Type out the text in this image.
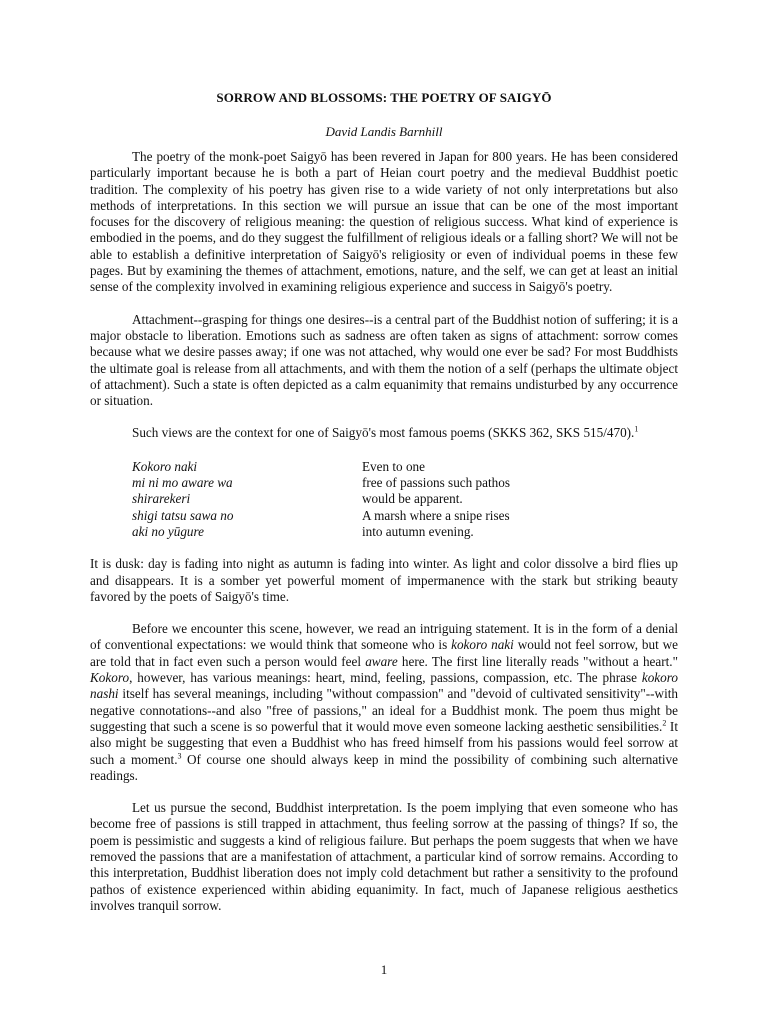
SORROW AND BLOSSOMS: THE POETRY OF SAIGYŌ

David Landis Barnhill

The poetry of the monk-poet Saigyō has been revered in Japan for 800 years. He has been considered particularly important because he is both a part of Heian court poetry and the medieval Buddhist poetic tradition. The complexity of his poetry has given rise to a wide variety of not only interpretations but also methods of interpretations. In this section we will pursue an issue that can be one of the most important focuses for the discovery of religious meaning: the question of religious success. What kind of experience is embodied in the poems, and do they suggest the fulfillment of religious ideals or a falling short? We will not be able to establish a definitive interpretation of Saigyō's religiosity or even of individual poems in these few pages. But by examining the themes of attachment, emotions, nature, and the self, we can get at least an initial sense of the complexity involved in examining religious experience and success in Saigyō's poetry.

Attachment--grasping for things one desires--is a central part of the Buddhist notion of suffering; it is a major obstacle to liberation. Emotions such as sadness are often taken as signs of attachment: sorrow comes because what we desire passes away; if one was not attached, why would one ever be sad? For most Buddhists the ultimate goal is release from all attachments, and with them the notion of a self (perhaps the ultimate object of attachment). Such a state is often depicted as a calm equanimity that remains undisturbed by any occurrence or situation.

Such views are the context for one of Saigyō's most famous poems (SKKS 362, SKS 515/470).$^1$

Kokoro naki
mi ni mo aware wa
shirarekeri
shigi tatsu sawa no
aki no yūgure
Even to one
free of passions such pathos
would be apparent.
A marsh where a snipe rises
into autumn evening.

It is dusk: day is fading into night as autumn is fading into winter. As light and color dissolve a bird flies up and disappears. It is a somber yet powerful moment of impermanence with the stark but striking beauty favored by the poets of Saigyō's time.

Before we encounter this scene, however, we read an intriguing statement. It is in the form of a denial of conventional expectations: we would think that someone who is kokoro naki would not feel sorrow, but we are told that in fact even such a person would feel aware here. The first line literally reads "without a heart." Kokoro, however, has various meanings: heart, mind, feeling, passions, compassion, etc. The phrase kokoro nashi itself has several meanings, including "without compassion" and "devoid of cultivated sensitivity"--with negative connotations--and also "free of passions," an ideal for a Buddhist monk. The poem thus might be suggesting that such a scene is so powerful that it would move even someone lacking aesthetic sensibilities.$^2$ It also might be suggesting that even a Buddhist who has freed himself from his passions would feel sorrow at such a moment.$^3$ Of course one should always keep in mind the possibility of combining such alternative readings.

Let us pursue the second, Buddhist interpretation. Is the poem implying that even someone who has become free of passions is still trapped in attachment, thus feeling sorrow at the passing of things? If so, the poem is pessimistic and suggests a kind of religious failure. But perhaps the poem suggests that when we have removed the passions that are a manifestation of attachment, a particular kind of sorrow remains. According to this interpretation, Buddhist liberation does not imply cold detachment but rather a sensitivity to the profound pathos of existence experienced within abiding equanimity. In fact, much of Japanese religious aesthetics involves tranquil sorrow.

1
